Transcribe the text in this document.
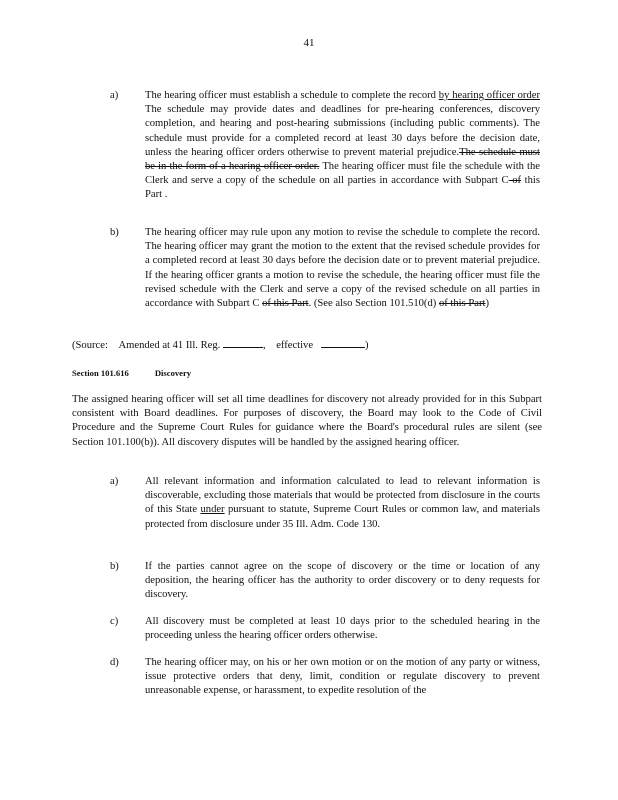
41
a)	The hearing officer must establish a schedule to complete the record by hearing officer order The schedule may provide dates and deadlines for pre-hearing conferences, discovery completion, and hearing and post-hearing submissions (including public comments). The schedule must provide for a completed record at least 30 days before the decision date, unless the hearing officer orders otherwise to prevent material prejudice.The schedule must be in the form of a hearing officer order. The hearing officer must file the schedule with the Clerk and serve a copy of the schedule on all parties in accordance with Subpart C of this Part .
b)	The hearing officer may rule upon any motion to revise the schedule to complete the record. The hearing officer may grant the motion to the extent that the revised schedule provides for a completed record at least 30 days before the decision date or to prevent material prejudice. If the hearing officer grants a motion to revise the schedule, the hearing officer must file the revised schedule with the Clerk and serve a copy of the revised schedule on all parties in accordance with Subpart C of this Part. (See also Section 101.510(d) of this Part)
(Source: Amended at 41 Ill. Reg.	, effective	)
Section 101.616	Discovery
The assigned hearing officer will set all time deadlines for discovery not already provided for in this Subpart consistent with Board deadlines. For purposes of discovery, the Board may look to the Code of Civil Procedure and the Supreme Court Rules for guidance where the Board's procedural rules are silent (see Section 101.100(b)). All discovery disputes will be handled by the assigned hearing officer.
a)	All relevant information and information calculated to lead to relevant information is discoverable, excluding those materials that would be protected from disclosure in the courts of this State under pursuant to statute, Supreme Court Rules or common law, and materials protected from disclosure under 35 Ill. Adm. Code 130.
b) If the parties cannot agree on the scope of discovery or the time or location of any deposition, the hearing officer has the authority to order discovery or to deny requests for discovery.
c)	All discovery must be completed at least 10 days prior to the scheduled hearing in the proceeding unless the hearing officer orders otherwise.
d) The hearing officer may, on his or her own motion or on the motion of any party or witness, issue protective orders that deny, limit, condition or regulate discovery to prevent unreasonable expense, or harassment, to expedite resolution of the
